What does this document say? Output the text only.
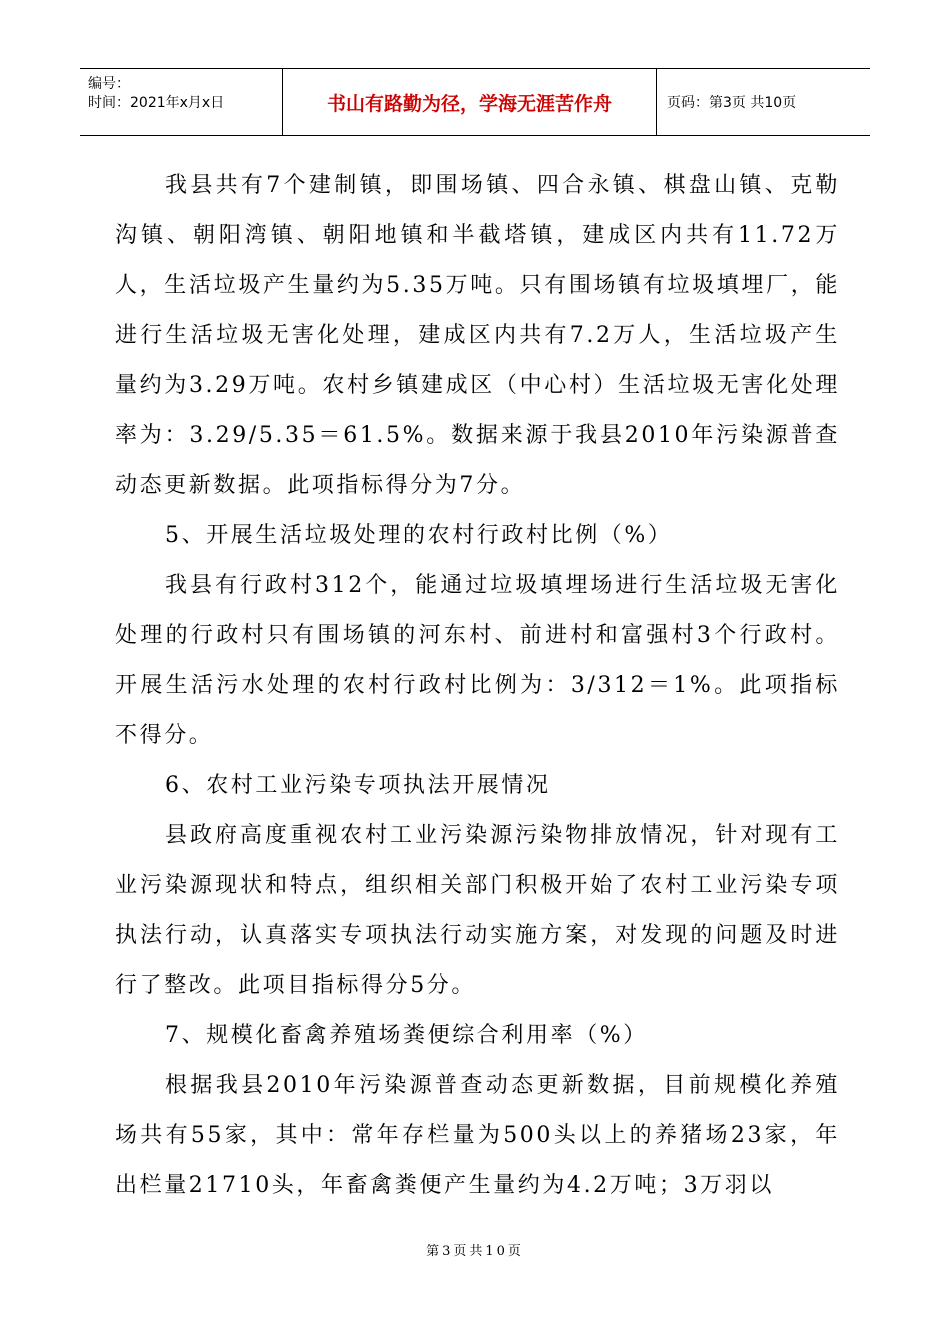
编号：
时间：2021年x月x日	书山有路勤为径，学海无涯苦作舟	页码：第3页 共10页

我县共有7个建制镇，即围场镇、四合永镇、棋盘山镇、克勒沟镇、朝阳湾镇、朝阳地镇和半截塔镇，建成区内共有11.72万人，生活垃圾产生量约为5.35万吨。只有围场镇有垃圾填埋厂，能进行生活垃圾无害化处理，建成区内共有7.2万人，生活垃圾产生量约为3.29万吨。农村乡镇建成区（中心村）生活垃圾无害化处理率为：3.29/5.35＝61.5%。数据来源于我县2010年污染源普查动态更新数据。此项指标得分为7分。

5、开展生活垃圾处理的农村行政村比例（%）

我县有行政村312个，能通过垃圾填埋场进行生活垃圾无害化处理的行政村只有围场镇的河东村、前进村和富强村3个行政村。开展生活污水处理的农村行政村比例为：3/312＝1%。此项指标不得分。

6、农村工业污染专项执法开展情况

县政府高度重视农村工业污染源污染物排放情况，针对现有工业污染源现状和特点，组织相关部门积极开始了农村工业污染专项执法行动，认真落实专项执法行动实施方案，对发现的问题及时进行了整改。此项目指标得分5分。

7、规模化畜禽养殖场粪便综合利用率（%）

根据我县2010年污染源普查动态更新数据，目前规模化养殖场共有55家，其中：常年存栏量为500头以上的养猪场23家，年出栏量21710头，年畜禽粪便产生量约为4.2万吨；3万羽以

第3页共10页
